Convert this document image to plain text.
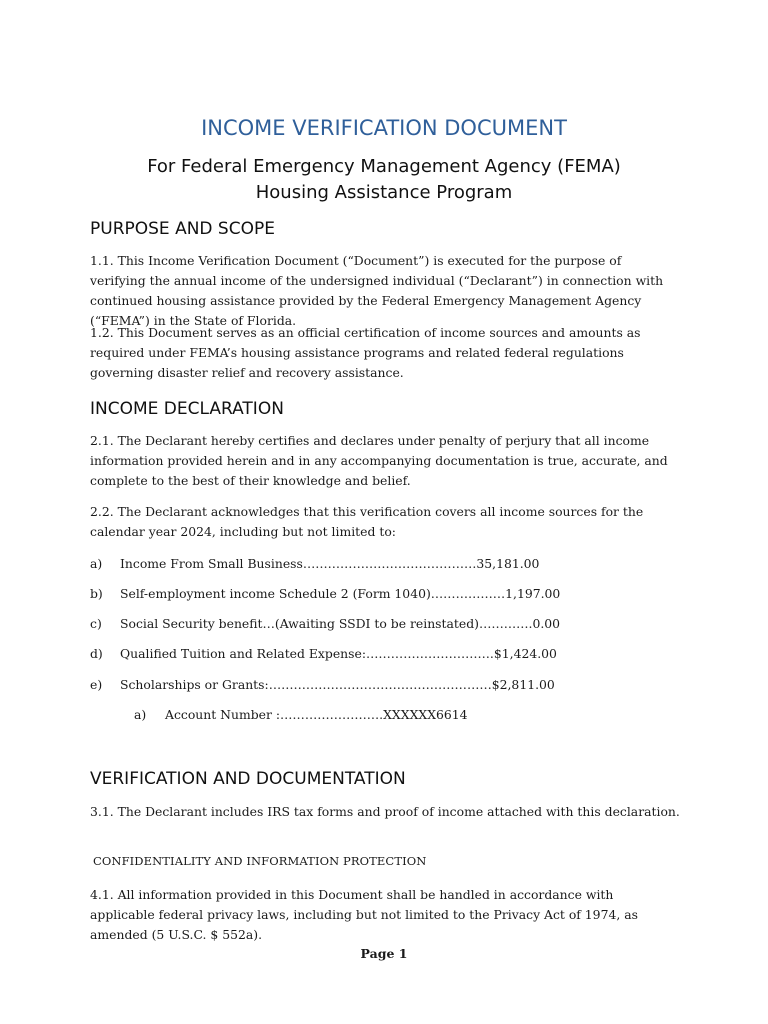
INCOME VERIFICATION DOCUMENT

For Federal Emergency Management Agency (FEMA) Housing Assistance Program

PURPOSE AND SCOPE

1.1. This Income Verification Document (“Document”) is executed for the purpose of verifying the annual income of the undersigned individual (“Declarant”) in connection with continued housing assistance provided by the Federal Emergency Management Agency (“FEMA”) in the State of Florida.

1.2. This Document serves as an official certification of income sources and amounts as required under FEMA’s housing assistance programs and related federal regulations governing disaster relief and recovery assistance.

INCOME DECLARATION

2.1. The Declarant hereby certifies and declares under penalty of perjury that all income information provided herein and in any accompanying documentation is true, accurate, and complete to the best of their knowledge and belief.

2.2. The Declarant acknowledges that this verification covers all income sources for the calendar year 2024, including but not limited to:

a) Income From Small Business……………………………………35,181.00
b) Self-employment income Schedule 2 (Form 1040)………………1,197.00
c) Social Security benefit…(Awaiting SSDI to be reinstated)………….0.00
d) Qualified Tuition and Related Expense:………………………….$1,424.00
e) Scholarships or Grants:………………………………………………$2,811.00
a) Account Number :…………………….XXXXXX6614
VERIFICATION AND DOCUMENTATION

3.1. The Declarant includes IRS tax forms and proof of income attached with this declaration.

CONFIDENTIALITY AND INFORMATION PROTECTION

4.1. All information provided in this Document shall be handled in accordance with applicable federal privacy laws, including but not limited to the Privacy Act of 1974, as amended (5 U.S.C. $ 552a).

Page 1
